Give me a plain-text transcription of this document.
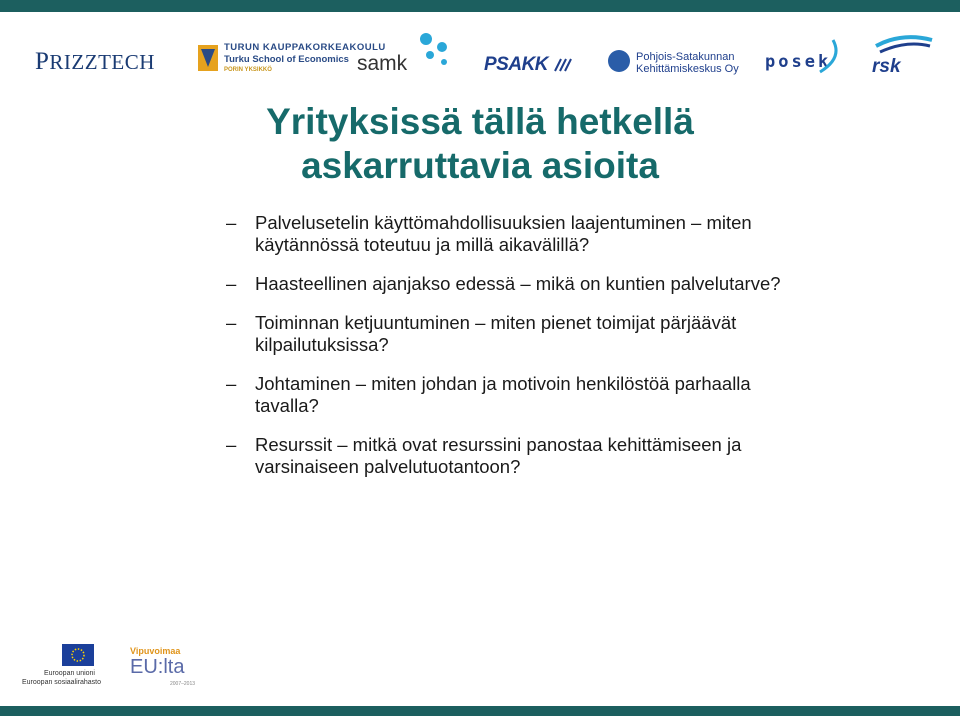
PRIZZTECH
TURUN KAUPPAKORKEAKOULU
Turku School of Economics
PORIN YKSIKKÖ	samk	PSAKK	Pohjois-Satakunnan
Kehittämiskeskus Oy posek rsk
Yrityksissä tällä hetkellä
askarruttavia asioita
– Palvelusetelin käyttömahdollisuuksien laajentuminen – miten
käytännössä toteutuu ja millä aikavälillä?
– Haasteellinen ajanjakso edessä – mikä on kuntien palvelutarve?
– Toiminnan ketjuuntuminen – miten pienet toimijat pärjäävät
kilpailutuksissa?
– Johtaminen – miten johdan ja motivoin henkilöstöä parhaalla
tavalla?
– Resurssit – mitkä ovat resurssini panostaa kehittämiseen ja
varsinaiseen palvelutuotantoon?
Euroopan unioni
Euroopan sosiaalirahasto
Vipuvoimaa
EU:lta
2007–2013
